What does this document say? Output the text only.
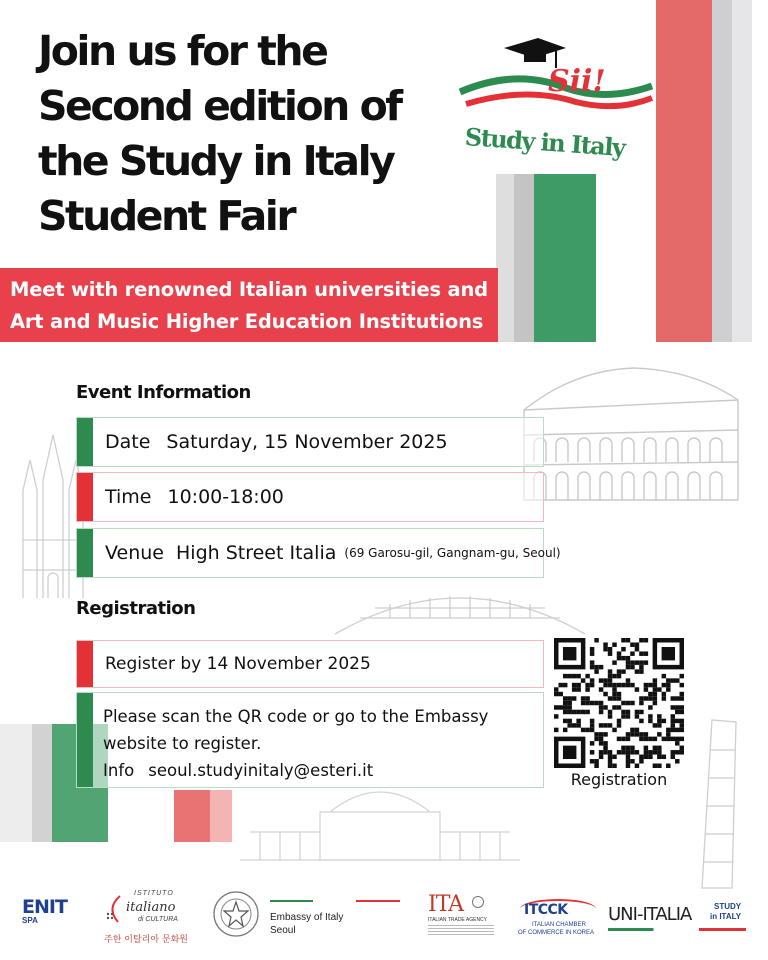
Join us for the
Second edition of
the Study in Italy
Student Fair
Sii!
Study in Italy
Meet with renowned Italian universities and
Art and Music Higher Education Institutions
Event Information
Date Saturday, 15 November 2025
Time 10:00-18:00
Venue High Street Italia (69 Garosu-gil, Gangnam-gu, Seoul)
Registration
Register by 14 November 2025
Please scan the QR code or go to the Embassy
website to register.
Info seoul.studyinitaly@esteri.it	Registration
ENIT
SPA
ISTITUTO
italiano
di CULTURA
주한 이탈리아 문화원
Embassy of Italy
Seoul
ITA
ITALIAN TRADE AGENCY
ITCCK
ITALIAN CHAMBER
OF COMMERCE IN KOREA
UNI-ITALIA	STUDY
in ITALY
